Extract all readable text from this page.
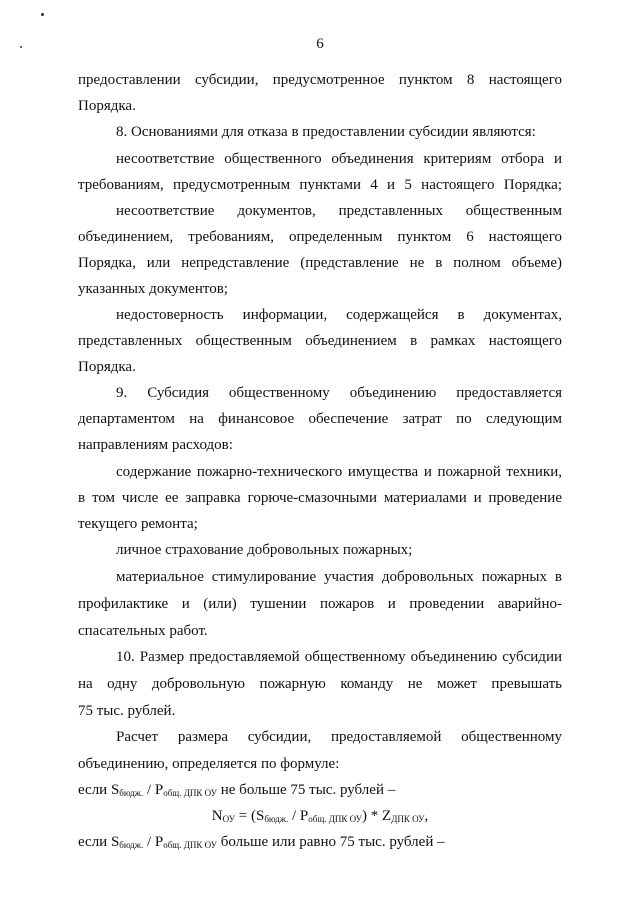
6
предоставлении субсидии, предусмотренное пунктом 8 настоящего
Порядка.
8. Основаниями для отказа в предоставлении субсидии являются:
несоответствие общественного объединения критериям отбора и
требованиям, предусмотренным пунктами 4 и 5 настоящего Порядка;
несоответствие документов, представленных общественным
объединением, требованиям, определенным пунктом 6 настоящего
Порядка, или непредставление (представление не в полном объеме)
указанных документов;
недостоверность информации, содержащейся в документах,
представленных общественным объединением в рамках настоящего
Порядка.
9. Субсидия общественному объединению предоставляется
департаментом на финансовое обеспечение затрат по следующим
направлениям расходов:
содержание пожарно-технического имущества и пожарной техники,
в том числе ее заправка горюче-смазочными материалами и проведение
текущего ремонта;
личное страхование добровольных пожарных;
материальное стимулирование участия добровольных пожарных в
профилактике и (или) тушении пожаров и проведении аварийно-
спасательных работ.
10. Размер предоставляемой общественному объединению субсидии
на одну добровольную пожарную команду не может превышать
75 тыс. рублей.
Расчет размера субсидии, предоставляемой общественному
объединению, определяется по формуле:
если $S_{бюдж.} / P_{общ. ДПК ОУ}$ не больше 75 тыс. рублей –
$N_{ОУ} = (S_{бюдж.} / P_{общ. ДПК ОУ}) * Z_{ДПК ОУ}$,
если $S_{бюдж.} / P_{общ. ДПК ОУ}$ больше или равно 75 тыс. рублей –
